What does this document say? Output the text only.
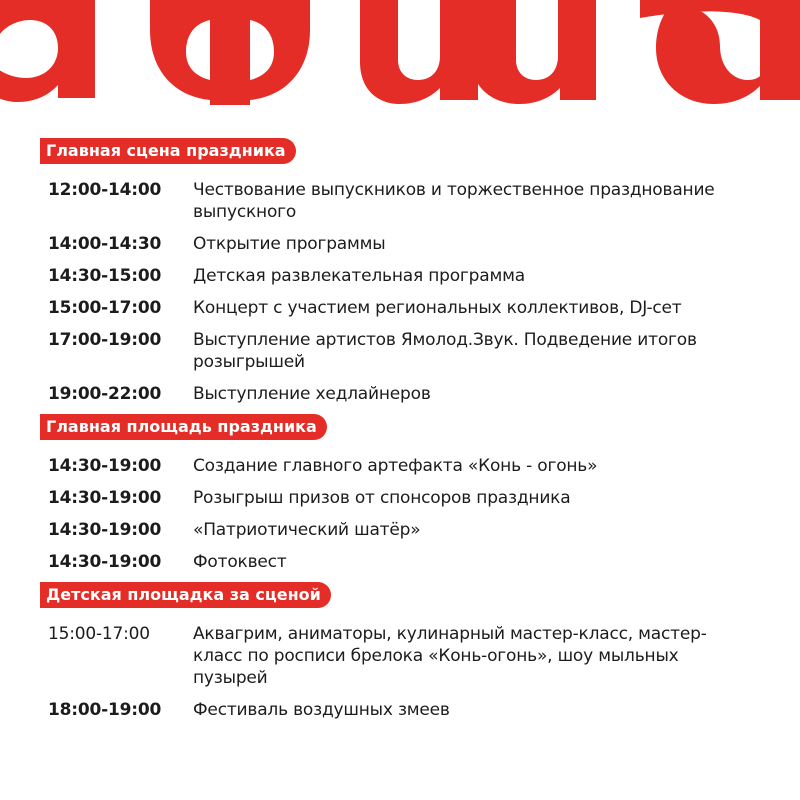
Главная сцена праздника
12:00-14:00	Чествование выпускников и торжественное празднование выпускного
14:00-14:30	Открытие программы
14:30-15:00	Детская развлекательная программа
15:00-17:00	Концерт с участием региональных коллективов, DJ-сет
17:00-19:00	Выступление артистов Ямолод.Звук. Подведение итогов розыгрышей
19:00-22:00	Выступление хедлайнеров
Главная площадь праздника
14:30-19:00	Создание главного артефакта «Конь - огонь»
14:30-19:00	Розыгрыш призов от спонсоров праздника
14:30-19:00	«Патриотический шатёр»
14:30-19:00	Фотоквест
Детская площадка за сценой
15:00-17:00	Аквагрим, аниматоры, кулинарный мастер-класс, мастер-класс по росписи брелока «Конь-огонь», шоу мыльных пузырей
18:00-19:00	Фестиваль воздушных змеев
